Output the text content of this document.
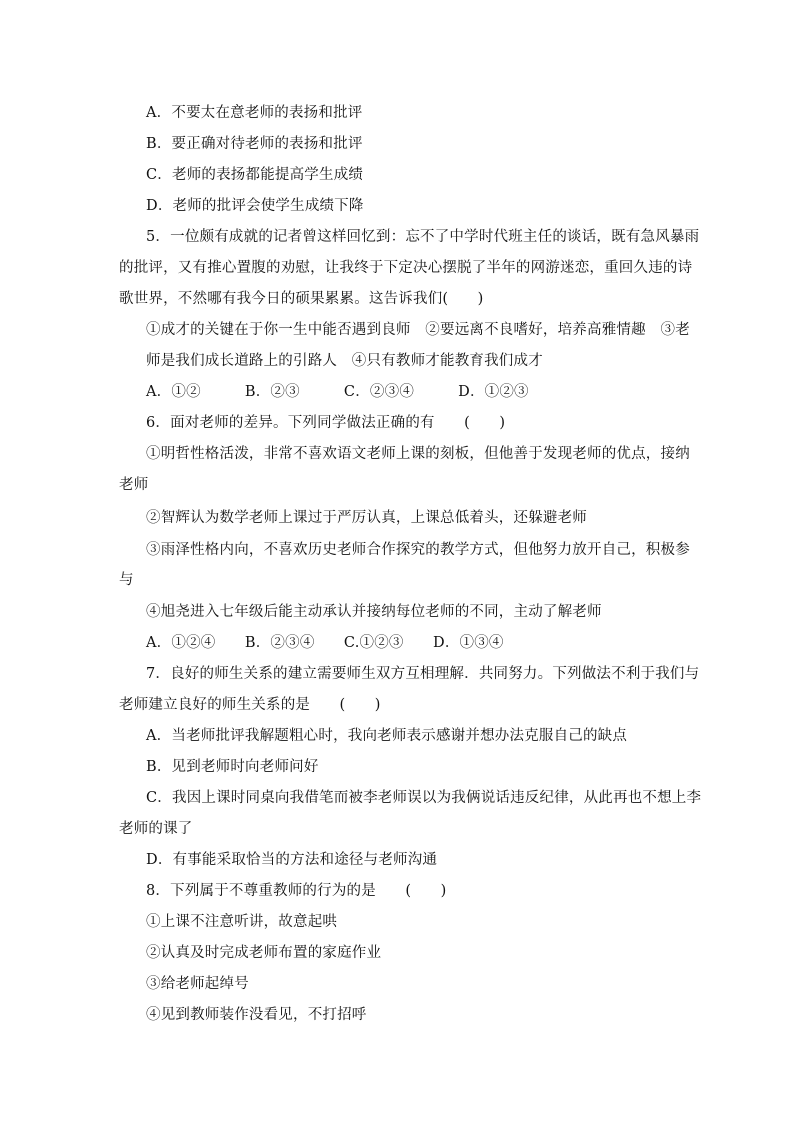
A．不要太在意老师的表扬和批评
B．要正确对待老师的表扬和批评
C．老师的表扬都能提高学生成绩
D．老师的批评会使学生成绩下降
5．一位颇有成就的记者曾这样回忆到：忘不了中学时代班主任的谈话，既有急风暴雨
的批评，又有推心置腹的劝慰，让我终于下定决心摆脱了半年的网游迷恋，重回久违的诗
歌世界，不然哪有我今日的硕果累累。这告诉我们(　　)
①成才的关键在于你一生中能否遇到良师　②要远离不良嗜好，培养高雅情趣　③老
师是我们成长道路上的引路人　④只有教师才能教育我们成才
A．①②　　　B．②③　　　C．②③④　　　D．①②③
6．面对老师的差异。下列同学做法正确的有　　(　　)
①明哲性格活泼，非常不喜欢语文老师上课的刻板，但他善于发现老师的优点，接纳
老师
②智辉认为数学老师上课过于严厉认真，上课总低着头，还躲避老师
③雨泽性格内向，不喜欢历史老师合作探究的教学方式，但他努力放开自己，积极参
与
④旭尧进入七年级后能主动承认并接纳每位老师的不同，主动了解老师
A．①②④　　B．②③④　　C.①②③　　D．①③④
7．良好的师生关系的建立需要师生双方互相理解．共同努力。下列做法不利于我们与
老师建立良好的师生关系的是　　(　　)
A．当老师批评我解题粗心时，我向老师表示感谢并想办法克服自己的缺点
B．见到老师时向老师问好
C．我因上课时同桌向我借笔而被李老师误以为我俩说话违反纪律，从此再也不想上李
老师的课了
D．有事能采取恰当的方法和途径与老师沟通
8．下列属于不尊重教师的行为的是　　(　　)
①上课不注意听讲，故意起哄
②认真及时完成老师布置的家庭作业
③给老师起绰号
④见到教师装作没看见，不打招呼
